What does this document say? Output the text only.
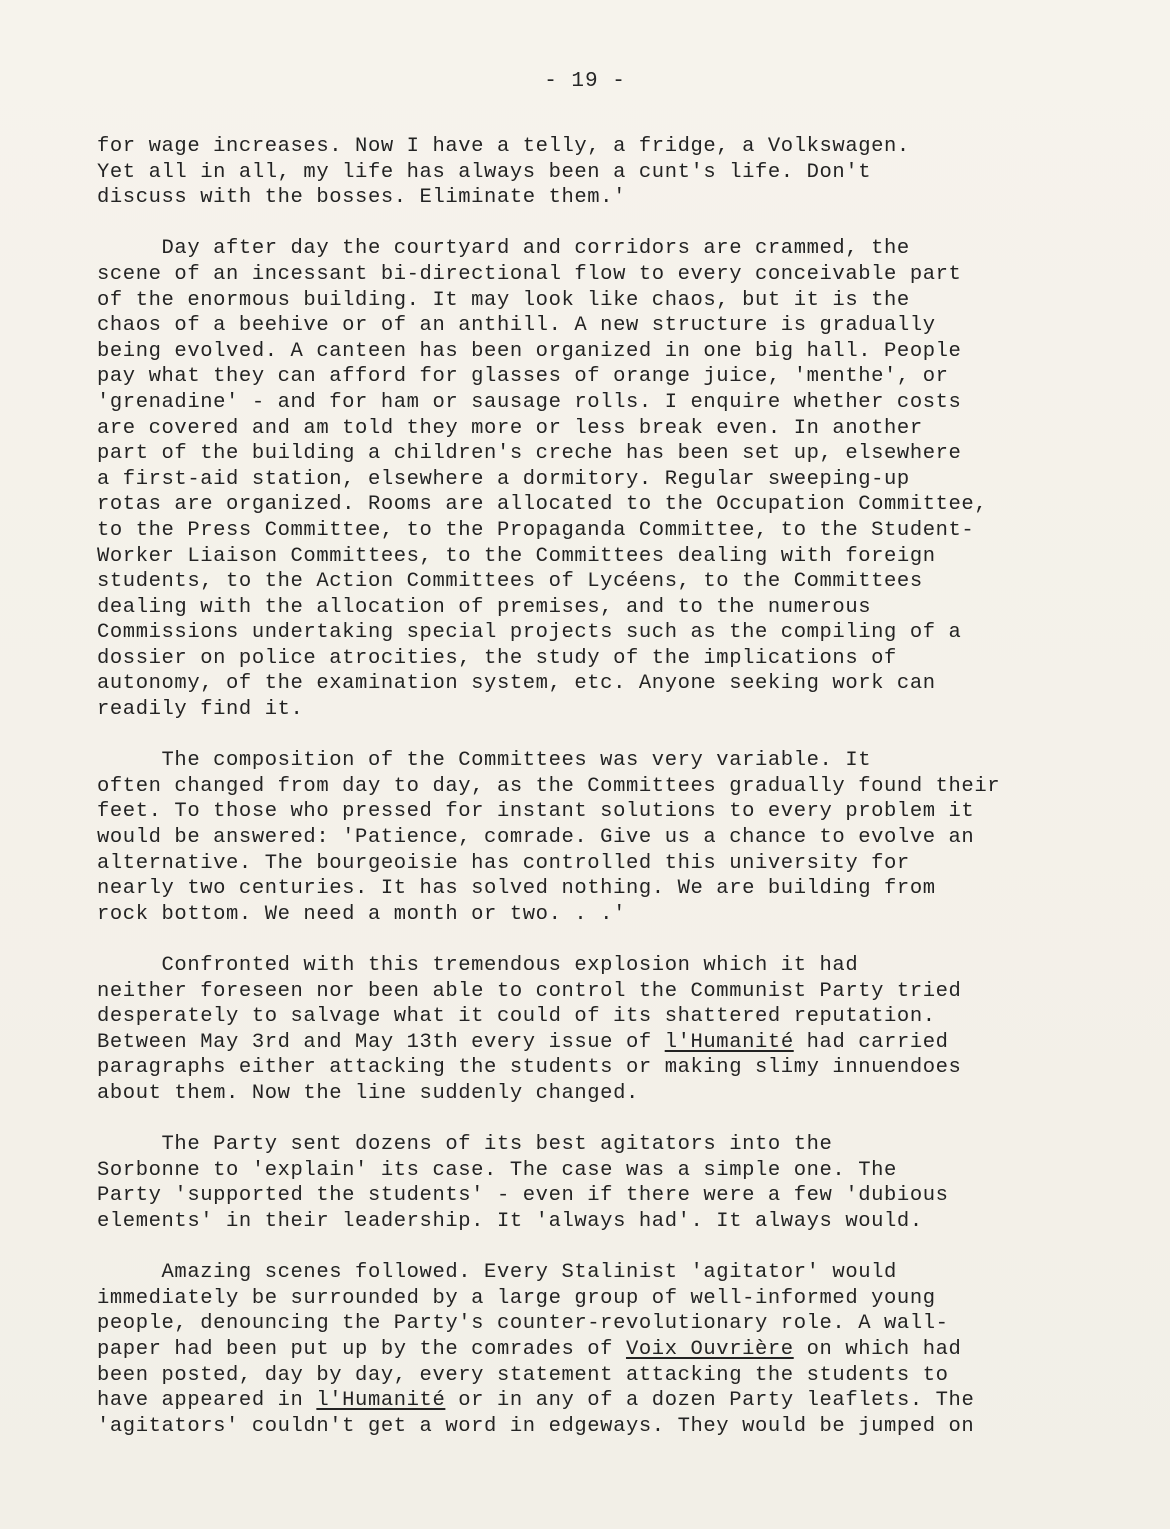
- 19 -
for wage increases. Now I have a telly, a fridge, a Volkswagen.
Yet all in all, my life has always been a cunt's life. Don't
discuss with the bosses. Eliminate them.'
Day after day the courtyard and corridors are crammed, the
scene of an incessant bi-directional flow to every conceivable part
of the enormous building. It may look like chaos, but it is the
chaos of a beehive or of an anthill. A new structure is gradually
being evolved. A canteen has been organized in one big hall. People
pay what they can afford for glasses of orange juice, 'menthe', or
'grenadine' - and for ham or sausage rolls. I enquire whether costs
are covered and am told they more or less break even. In another
part of the building a children's creche has been set up, elsewhere
a first-aid station, elsewhere a dormitory. Regular sweeping-up
rotas are organized. Rooms are allocated to the Occupation Committee,
to the Press Committee, to the Propaganda Committee, to the Student-
Worker Liaison Committees, to the Committees dealing with foreign
students, to the Action Committees of Lycéens, to the Committees
dealing with the allocation of premises, and to the numerous
Commissions undertaking special projects such as the compiling of a
dossier on police atrocities, the study of the implications of
autonomy, of the examination system, etc. Anyone seeking work can
readily find it.
The composition of the Committees was very variable. It
often changed from day to day, as the Committees gradually found their
feet. To those who pressed for instant solutions to every problem it
would be answered: 'Patience, comrade. Give us a chance to evolve an
alternative. The bourgeoisie has controlled this university for
nearly two centuries. It has solved nothing. We are building from
rock bottom. We need a month or two. . .'
Confronted with this tremendous explosion which it had
neither foreseen nor been able to control the Communist Party tried
desperately to salvage what it could of its shattered reputation.
Between May 3rd and May 13th every issue of l'Humanité had carried
paragraphs either attacking the students or making slimy innuendoes
about them. Now the line suddenly changed.
The Party sent dozens of its best agitators into the
Sorbonne to 'explain' its case. The case was a simple one. The
Party 'supported the students' - even if there were a few 'dubious
elements' in their leadership. It 'always had'. It always would.
Amazing scenes followed. Every Stalinist 'agitator' would
immediately be surrounded by a large group of well-informed young
people, denouncing the Party's counter-revolutionary role. A wall-
paper had been put up by the comrades of Voix Ouvrière on which had
been posted, day by day, every statement attacking the students to
have appeared in l'Humanité or in any of a dozen Party leaflets. The
'agitators' couldn't get a word in edgeways. They would be jumped on
